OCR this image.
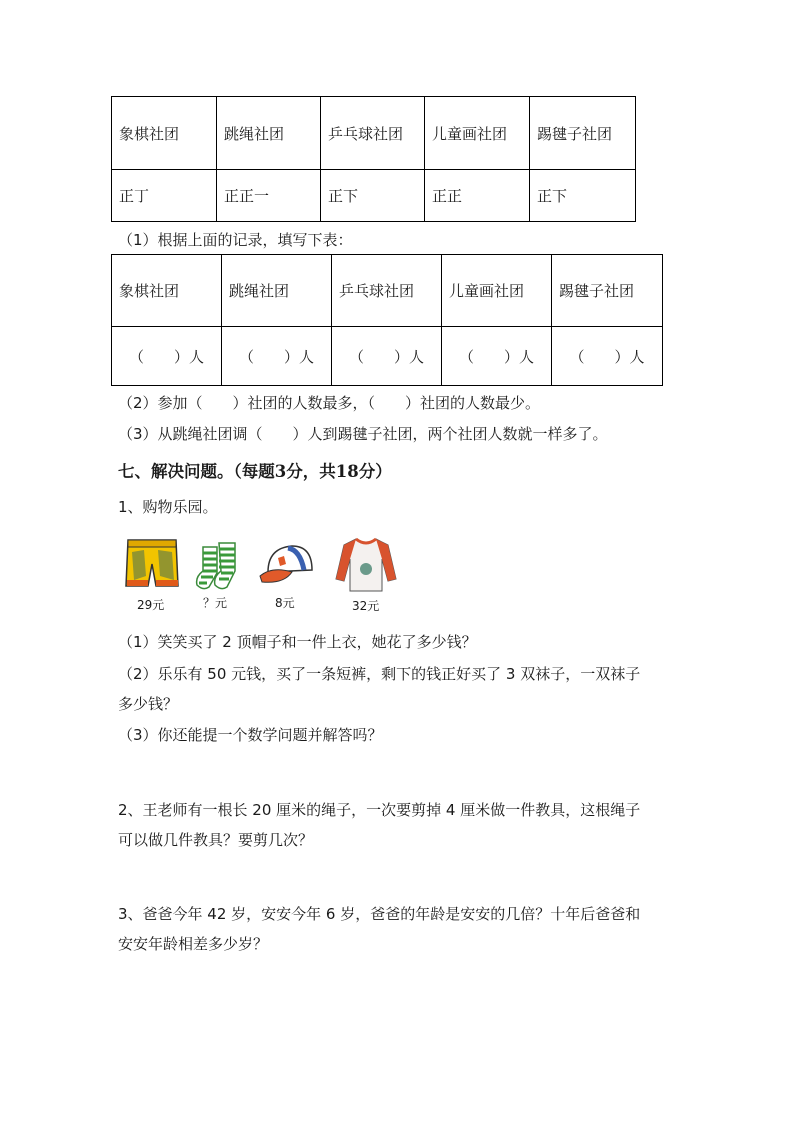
象棋社团	跳绳社团	乒乓球社团	儿童画社团	踢毽子社团
正丁	正正一	正下	正正	正下
（1）根据上面的记录，填写下表：
象棋社团	跳绳社团	乒乓球社团	儿童画社团	踢毽子社团
（　　）人	（　　）人	（　　）人	（　　）人	（　　）人
（2）参加（　　）社团的人数最多，（　　）社团的人数最少。
（3）从跳绳社团调（　　）人到踢毽子社团，两个社团人数就一样多了。
七、解决问题。（每题3分，共18分）
1、购物乐园。
29元	？元	8元	32元
（1）笑笑买了 2 顶帽子和一件上衣，她花了多少钱？
（2）乐乐有 50 元钱，买了一条短裤，剩下的钱正好买了 3 双袜子，一双袜子
多少钱？
（3）你还能提一个数学问题并解答吗？
2、王老师有一根长 20 厘米的绳子，一次要剪掉 4 厘米做一件教具，这根绳子
可以做几件教具？要剪几次？
3、爸爸今年 42 岁，安安今年 6 岁，爸爸的年龄是安安的几倍？十年后爸爸和
安安年龄相差多少岁？
